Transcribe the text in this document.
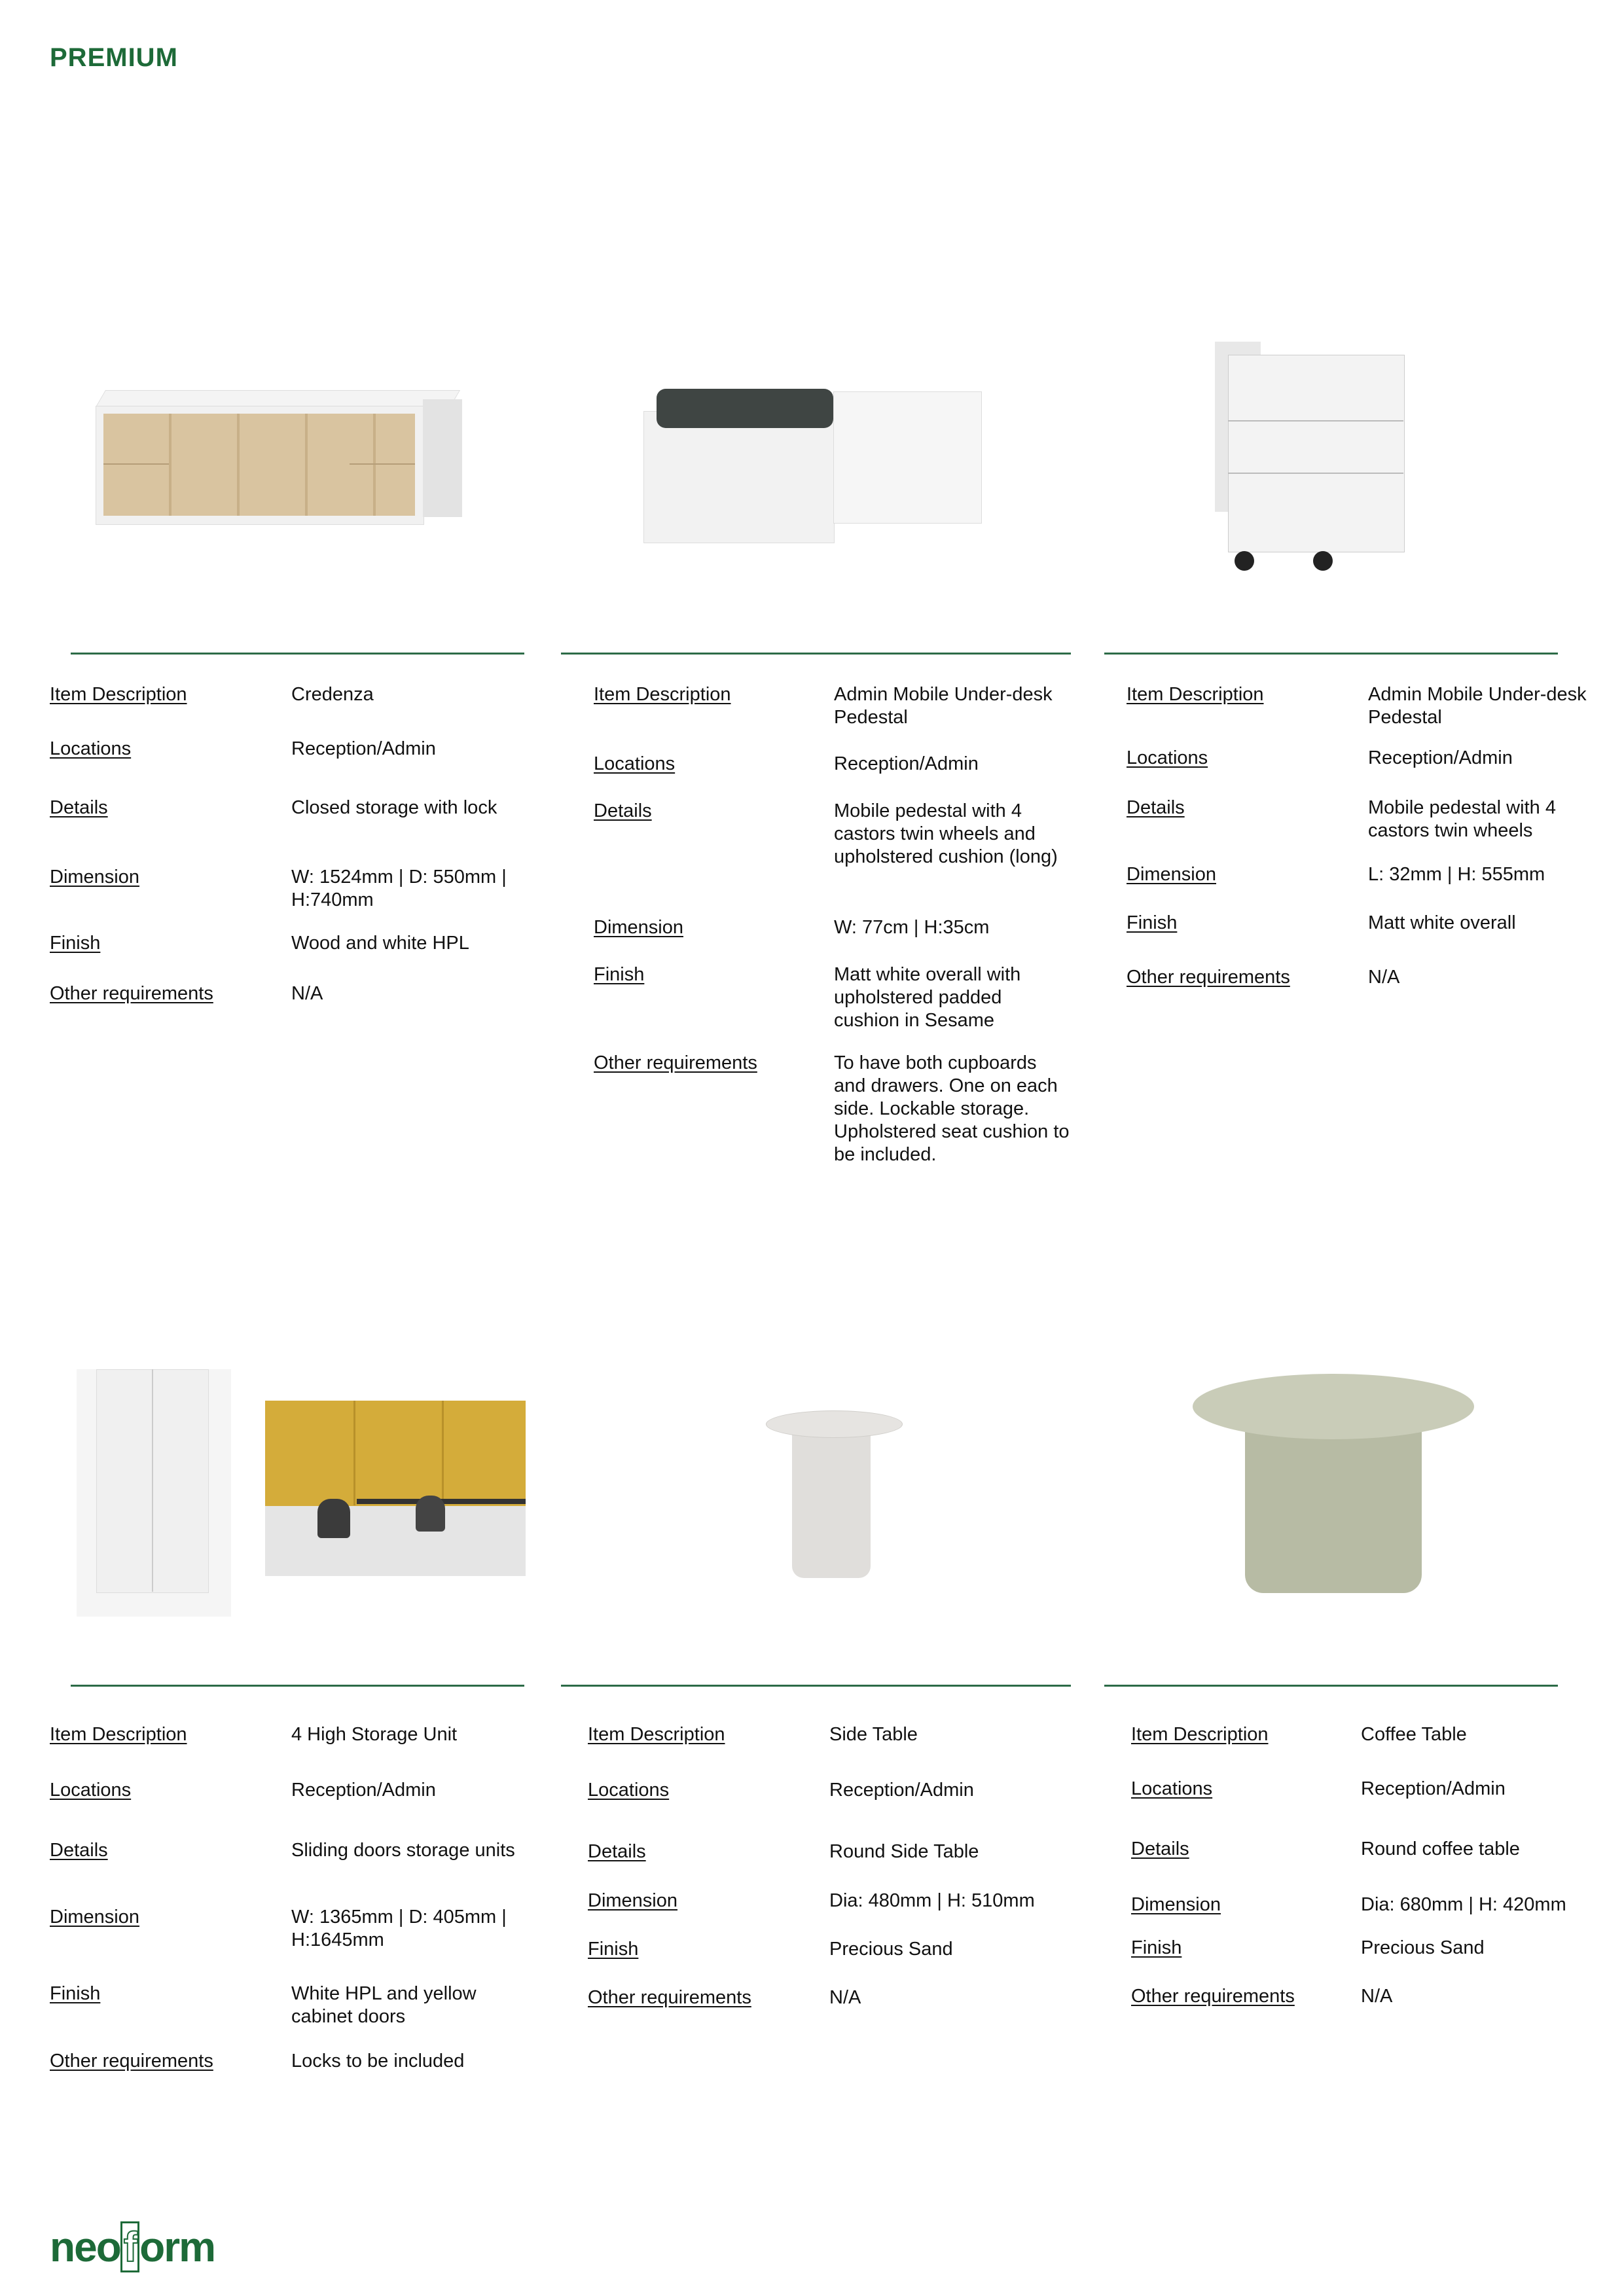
PREMIUM
Item Description	Credenza
Locations	Reception/Admin
Details	Closed storage with lock
Dimension	W: 1524mm | D: 550mm | H:740mm
Finish	Wood and white HPL
Other requirements	N/A
Item Description	Admin Mobile Under-desk Pedestal
Locations	Reception/Admin
Details	Mobile pedestal with 4 castors twin wheels and upholstered cushion (long)
Dimension	W: 77cm | H:35cm
Finish	Matt white overall with upholstered padded cushion in Sesame
Other requirements	To have both cupboards and drawers. One on each side. Lockable storage. Upholstered seat cushion to be included.
Item Description	Admin Mobile Under-desk Pedestal
Locations	Reception/Admin
Details	Mobile pedestal with 4 castors twin wheels
Dimension	L: 32mm | H: 555mm
Finish	Matt white overall
Other requirements	N/A
Item Description	4 High Storage Unit
Locations	Reception/Admin
Details	Sliding doors storage units
Dimension	W: 1365mm | D: 405mm | H:1645mm
Finish	White HPL and yellow cabinet doors
Other requirements	Locks to be included
Item Description	Side Table
Locations	Reception/Admin
Details	Round Side Table
Dimension	Dia: 480mm | H: 510mm
Finish	Precious Sand
Other requirements	N/A
Item Description	Coffee Table
Locations	Reception/Admin
Details	Round coffee table
Dimension	Dia: 680mm | H: 420mm
Finish	Precious Sand
Other requirements	N/A
neoform
